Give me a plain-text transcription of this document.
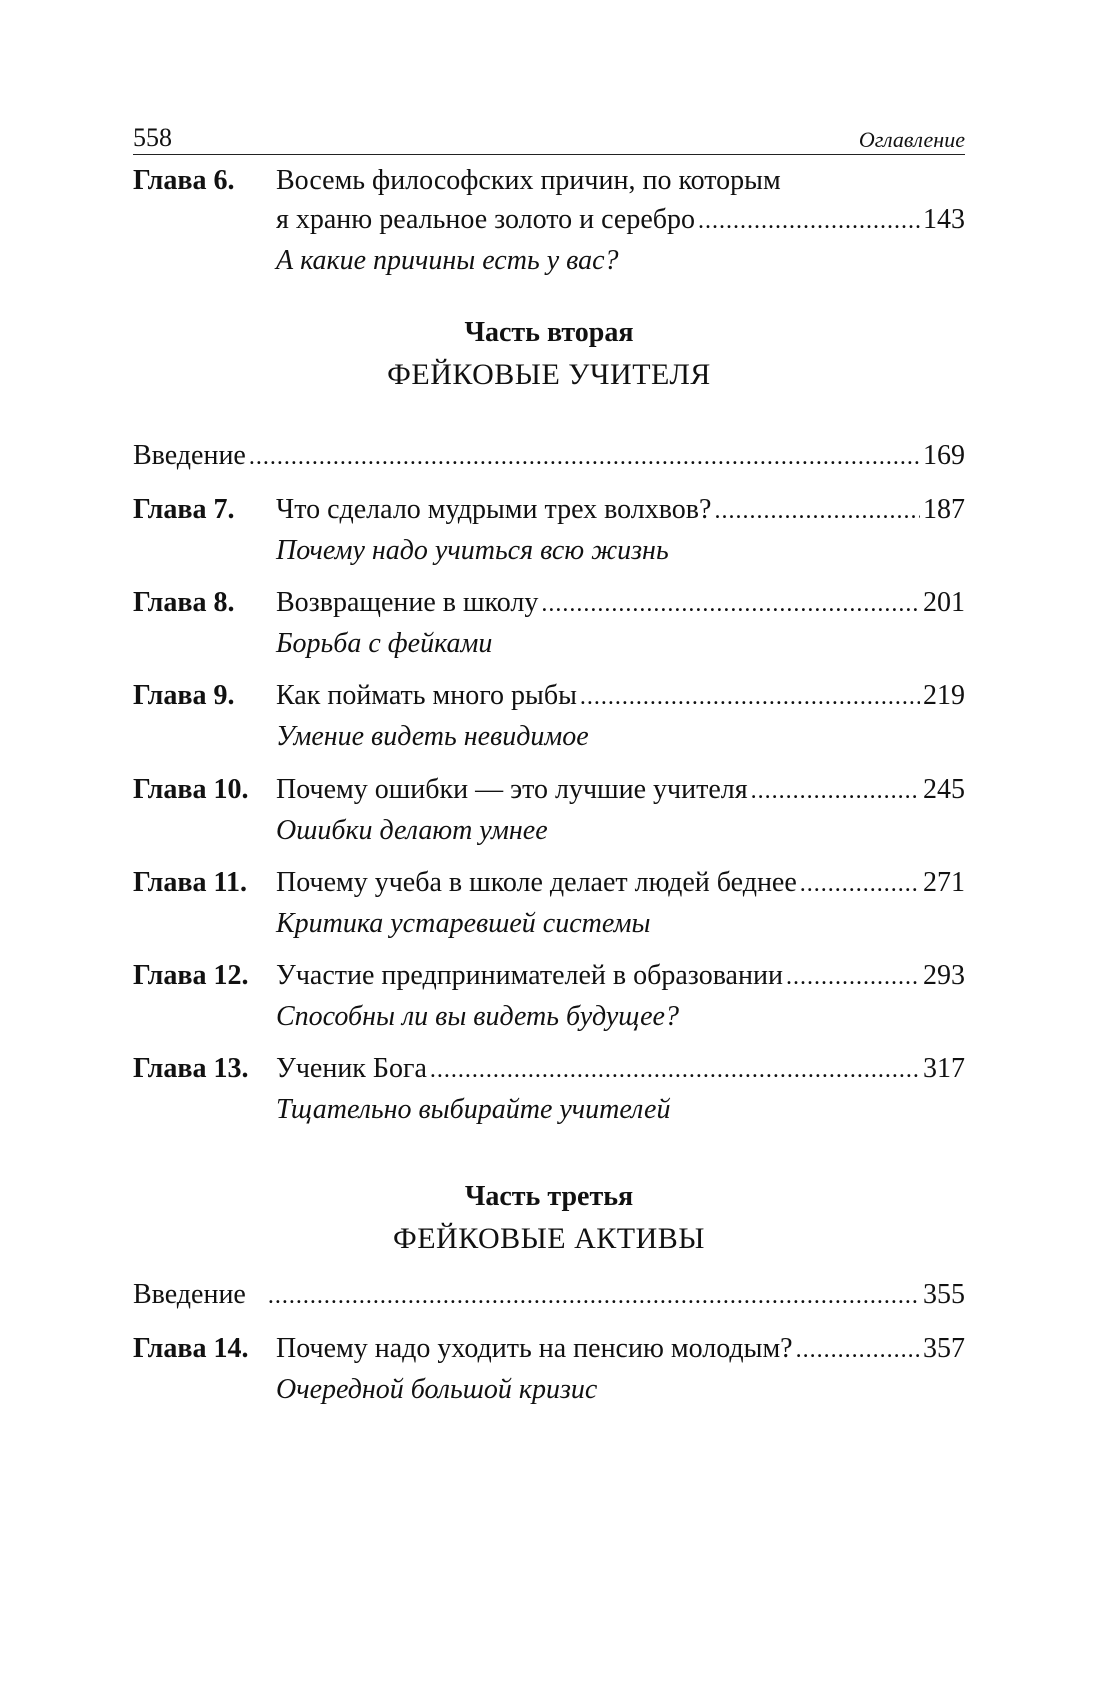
558	Оглавление
Глава 6. Восемь философских причин, по которым
я храню реальное золото и серебро .....	143
А какие причины есть у вас?
Часть вторая
ФЕЙКОВЫЕ УЧИТЕЛЯ
Введение .....	169
Глава 7. Что сделало мудрыми трех волхвов? .....	187
Почему надо учиться всю жизнь
Глава 8. Возвращение в школу .....	201
Борьба с фейками
Глава 9. Как поймать много рыбы .....	219
Умение видеть невидимое
Глава 10. Почему ошибки — это лучшие учителя .....	245
Ошибки делают умнее
Глава 11. Почему учеба в школе делает людей беднее .....	271
Критика устаревшей системы
Глава 12. Участие предпринимателей в образовании .....	293
Способны ли вы видеть будущее?
Глава 13. Ученик Бога .....	317
Тщательно выбирайте учителей
Часть третья
ФЕЙКОВЫЕ АКТИВЫ
Введение .....	355
Глава 14. Почему надо уходить на пенсию молодым? .....	357
Очередной большой кризис
